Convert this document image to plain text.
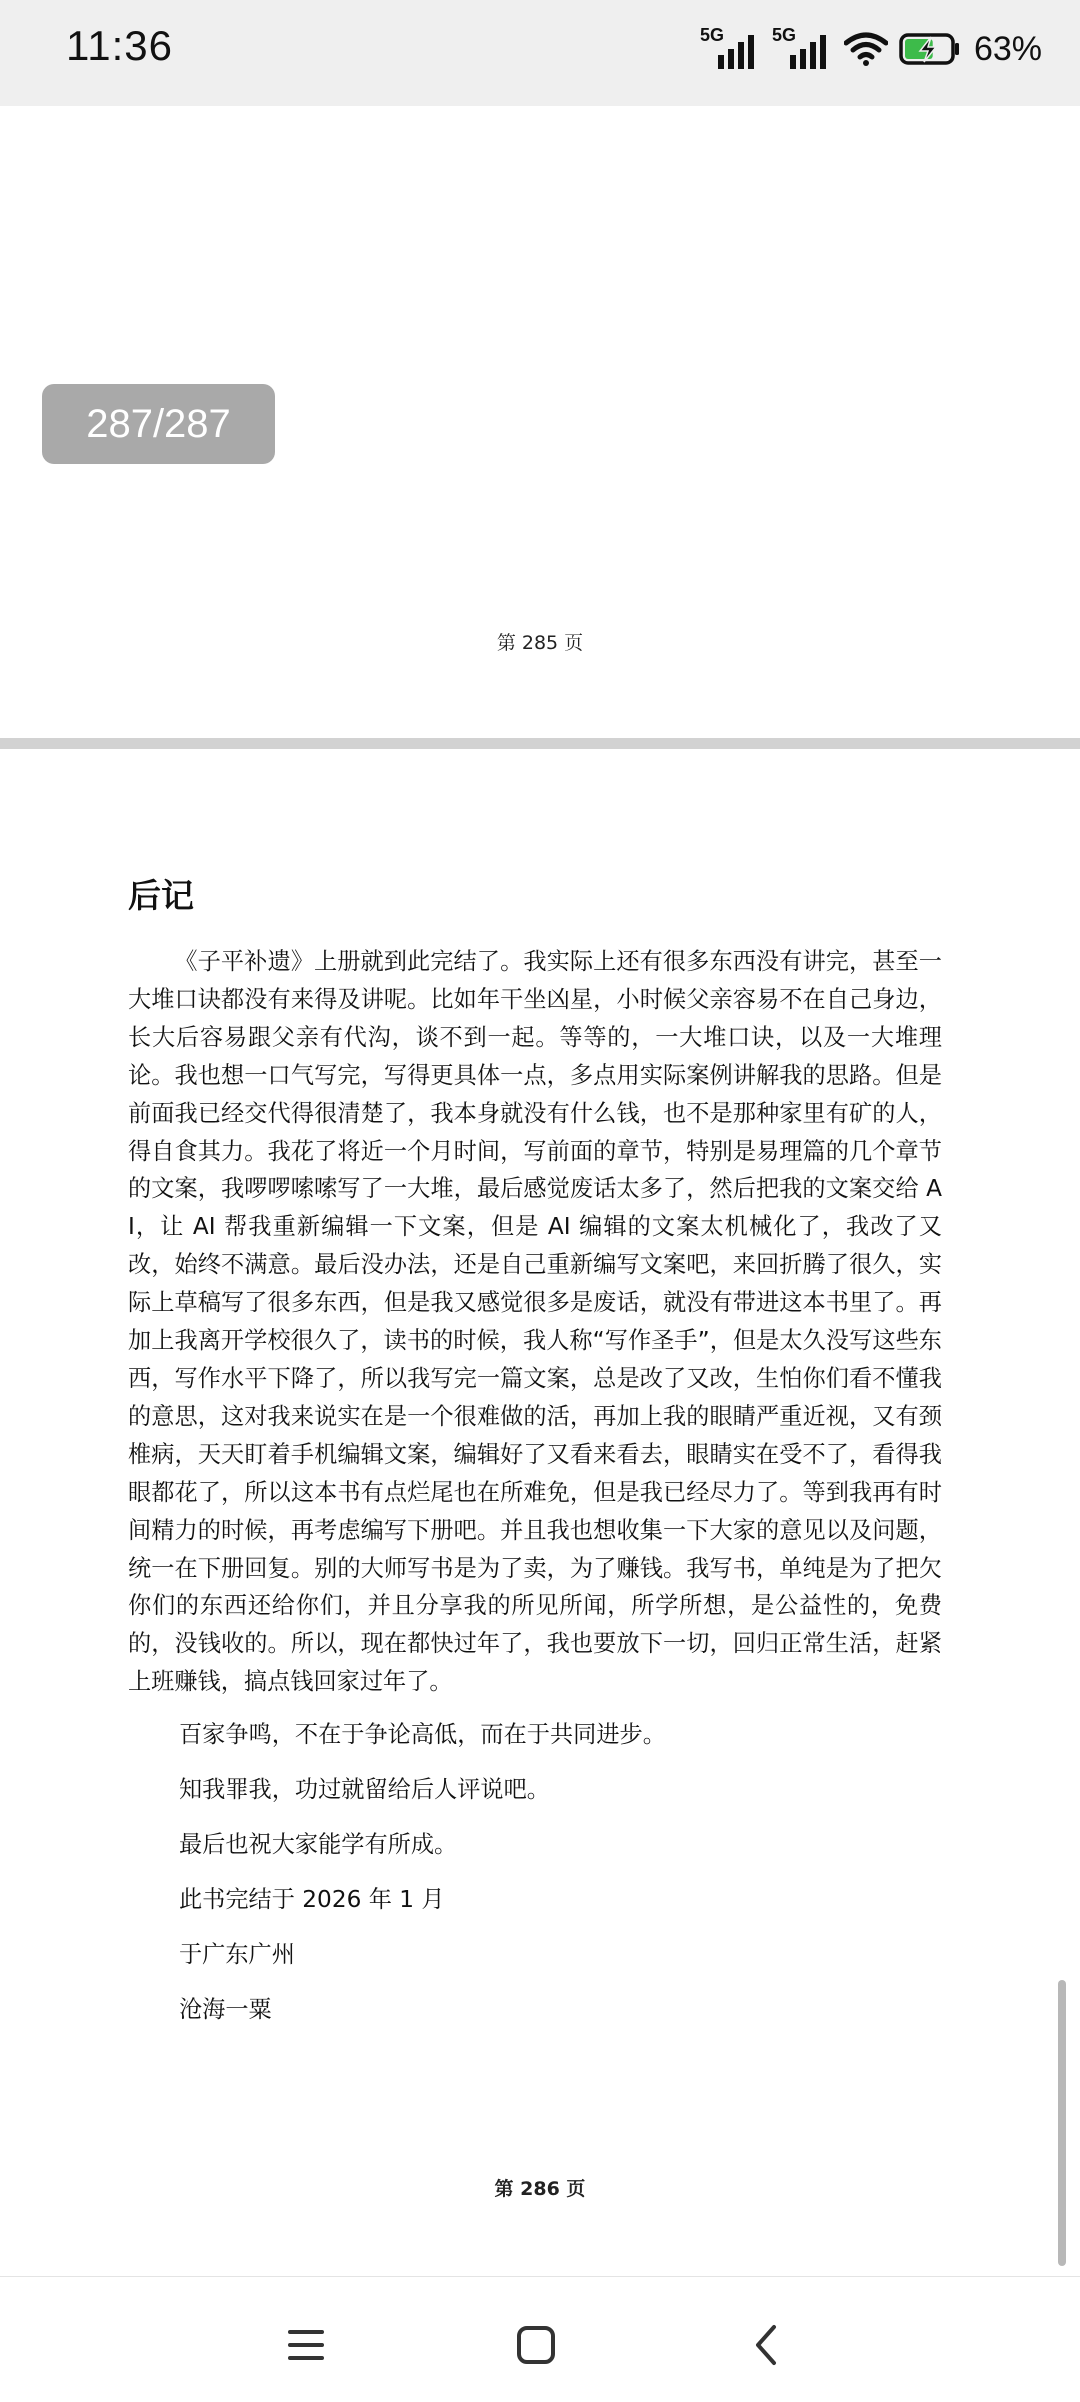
11:36	5G	5G	63%
287/287
第 285 页
后记

《子平补遗》上册就到此完结了。我实际上还有很多东西没有讲完，甚至一大堆口诀都没有来得及讲呢。比如年干坐凶星，小时候父亲容易不在自己身边，长大后容易跟父亲有代沟，谈不到一起。等等的，一大堆口诀，以及一大堆理论。我也想一口气写完，写得更具体一点，多点用实际案例讲解我的思路。但是前面我已经交代得很清楚了，我本身就没有什么钱，也不是那种家里有矿的人，得自食其力。我花了将近一个月时间，写前面的章节，特别是易理篇的几个章节的文案，我啰啰嗦嗦写了一大堆，最后感觉废话太多了，然后把我的文案交给 AI，让 AI 帮我重新编辑一下文案，但是 AI 编辑的文案太机械化了，我改了又改，始终不满意。最后没办法，还是自己重新编写文案吧，来回折腾了很久，实际上草稿写了很多东西，但是我又感觉很多是废话，就没有带进这本书里了。再加上我离开学校很久了，读书的时候，我人称“写作圣手”，但是太久没写这些东西，写作水平下降了，所以我写完一篇文案，总是改了又改，生怕你们看不懂我的意思，这对我来说实在是一个很难做的活，再加上我的眼睛严重近视，又有颈椎病，天天盯着手机编辑文案，编辑好了又看来看去，眼睛实在受不了，看得我眼都花了，所以这本书有点烂尾也在所难免，但是我已经尽力了。等到我再有时间精力的时候，再考虑编写下册吧。并且我也想收集一下大家的意见以及问题，统一在下册回复。别的大师写书是为了卖，为了赚钱。我写书，单纯是为了把欠你们的东西还给你们，并且分享我的所见所闻，所学所想，是公益性的，免费的，没钱收的。所以，现在都快过年了，我也要放下一切，回归正常生活，赶紧上班赚钱，搞点钱回家过年了。

百家争鸣，不在于争论高低，而在于共同进步。

知我罪我，功过就留给后人评说吧。

最后也祝大家能学有所成。

此书完结于 2026 年 1 月

于广东广州

沧海一粟

第 286 页
